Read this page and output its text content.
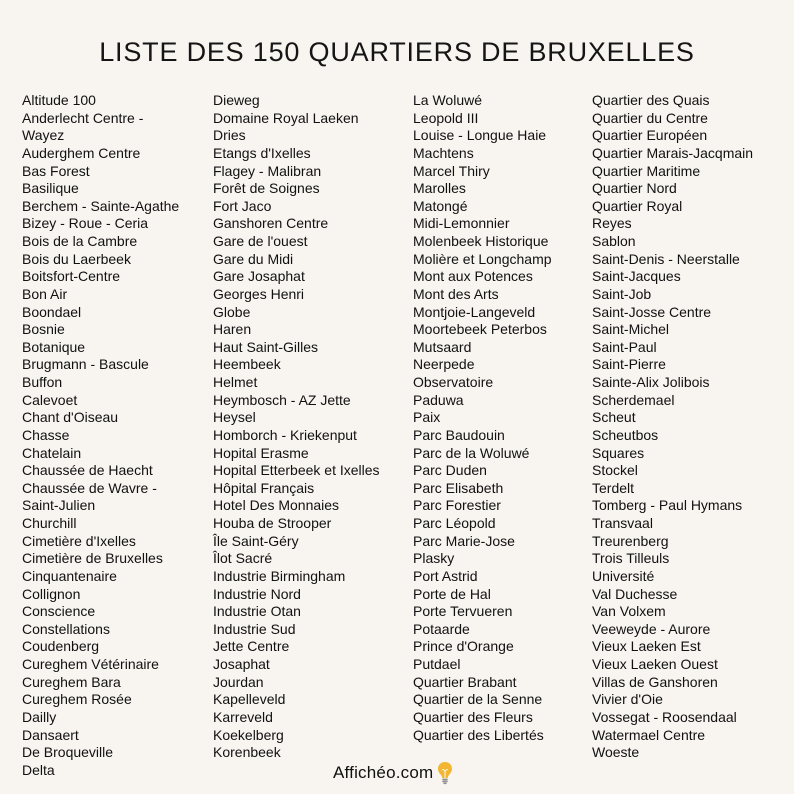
LISTE DES 150 QUARTIERS DE BRUXELLES
Altitude 100
Anderlecht Centre -
Wayez
Auderghem Centre
Bas Forest
Basilique
Berchem - Sainte-Agathe
Bizey - Roue - Ceria
Bois de la Cambre
Bois du Laerbeek
Boitsfort-Centre
Bon Air
Boondael
Bosnie
Botanique
Brugmann - Bascule
Buffon
Calevoet
Chant d'Oiseau
Chasse
Chatelain
Chaussée de Haecht
Chaussée de Wavre -
Saint-Julien
Churchill
Cimetière d'Ixelles
Cimetière de Bruxelles
Cinquantenaire
Collignon
Conscience
Constellations
Coudenberg
Cureghem Vétérinaire
Cureghem Bara
Cureghem Rosée
Dailly
Dansaert
De Broqueville
Delta
Dieweg
Domaine Royal Laeken
Dries
Etangs d'Ixelles
Flagey - Malibran
Forêt de Soignes
Fort Jaco
Ganshoren Centre
Gare de l'ouest
Gare du Midi
Gare Josaphat
Georges Henri
Globe
Haren
Haut Saint-Gilles
Heembeek
Helmet
Heymbosch - AZ Jette
Heysel
Homborch - Kriekenput
Hopital Erasme
Hopital Etterbeek et Ixelles
Hôpital Français
Hotel Des Monnaies
Houba de Strooper
Île Saint-Géry
Îlot Sacré
Industrie Birmingham
Industrie Nord
Industrie Otan
Industrie Sud
Jette Centre
Josaphat
Jourdan
Kapelleveld
Karreveld
Koekelberg
Korenbeek
La Woluwé
Leopold III
Louise - Longue Haie
Machtens
Marcel Thiry
Marolles
Matongé
Midi-Lemonnier
Molenbeek Historique
Molière et Longchamp
Mont aux Potences
Mont des Arts
Montjoie-Langeveld
Moortebeek Peterbos
Mutsaard
Neerpede
Observatoire
Paduwa
Paix
Parc Baudouin
Parc de la Woluwé
Parc Duden
Parc Elisabeth
Parc Forestier
Parc Léopold
Parc Marie-Jose
Plasky
Port Astrid
Porte de Hal
Porte Tervueren
Potaarde
Prince d'Orange
Putdael
Quartier Brabant
Quartier de la Senne
Quartier des Fleurs
Quartier des Libertés
Quartier des Quais
Quartier du Centre
Quartier Européen
Quartier Marais-Jacqmain
Quartier Maritime
Quartier Nord
Quartier Royal
Reyes
Sablon
Saint-Denis - Neerstalle
Saint-Jacques
Saint-Job
Saint-Josse Centre
Saint-Michel
Saint-Paul
Saint-Pierre
Sainte-Alix Jolibois
Scherdemael
Scheut
Scheutbos
Squares
Stockel
Terdelt
Tomberg - Paul Hymans
Transvaal
Treurenberg
Trois Tilleuls
Université
Val Duchesse
Van Volxem
Veeweyde - Aurore
Vieux Laeken Est
Vieux Laeken Ouest
Villas de Ganshoren
Vivier d'Oie
Vossegat - Roosendaal
Watermael Centre
Woeste
Affichéo.com
